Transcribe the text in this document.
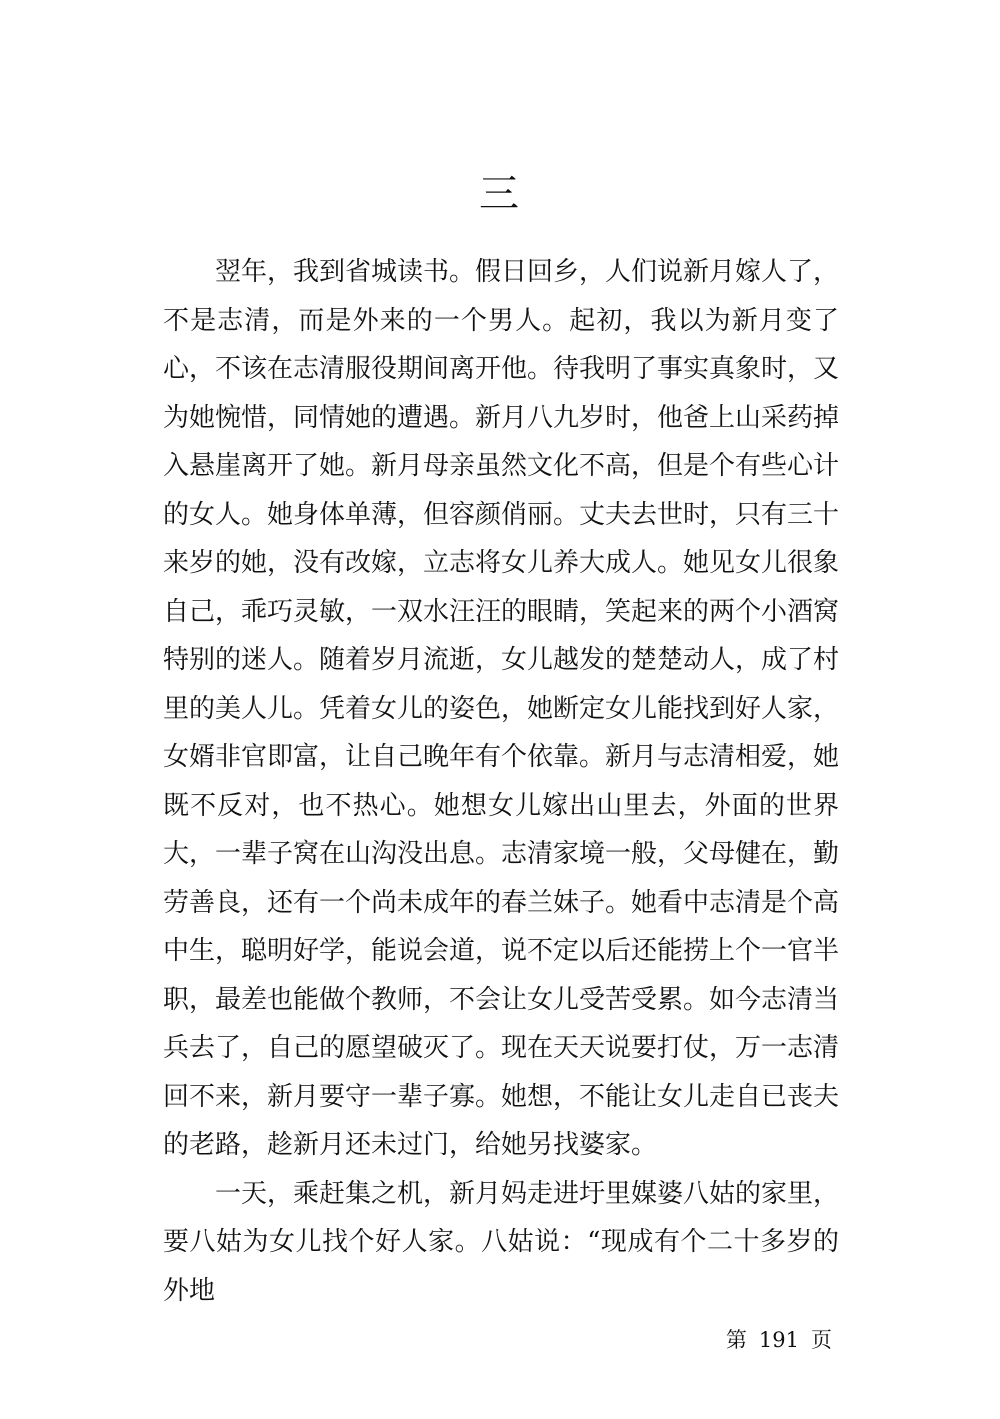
三

翌年，我到省城读书。假日回乡，人们说新月嫁人了，不是志清，而是外来的一个男人。起初，我以为新月变了心，不该在志清服役期间离开他。待我明了事实真象时，又为她惋惜，同情她的遭遇。新月八九岁时，他爸上山采药掉入悬崖离开了她。新月母亲虽然文化不高，但是个有些心计的女人。她身体单薄，但容颜俏丽。丈夫去世时，只有三十来岁的她，没有改嫁，立志将女儿养大成人。她见女儿很象自己，乖巧灵敏，一双水汪汪的眼睛，笑起来的两个小酒窝特别的迷人。随着岁月流逝，女儿越发的楚楚动人，成了村里的美人儿。凭着女儿的姿色，她断定女儿能找到好人家，女婿非官即富，让自己晚年有个依靠。新月与志清相爱，她既不反对，也不热心。她想女儿嫁出山里去，外面的世界大，一辈子窝在山沟没出息。志清家境一般，父母健在，勤劳善良，还有一个尚未成年的春兰妹子。她看中志清是个高中生，聪明好学，能说会道，说不定以后还能捞上个一官半职，最差也能做个教师，不会让女儿受苦受累。如今志清当兵去了，自己的愿望破灭了。现在天天说要打仗，万一志清回不来，新月要守一辈子寡。她想，不能让女儿走自已丧夫的老路，趁新月还未过门，给她另找婆家。

一天，乘赶集之机，新月妈走进圩里媒婆八姑的家里，要八姑为女儿找个好人家。八姑说：“现成有个二十多岁的外地

第 191 页
